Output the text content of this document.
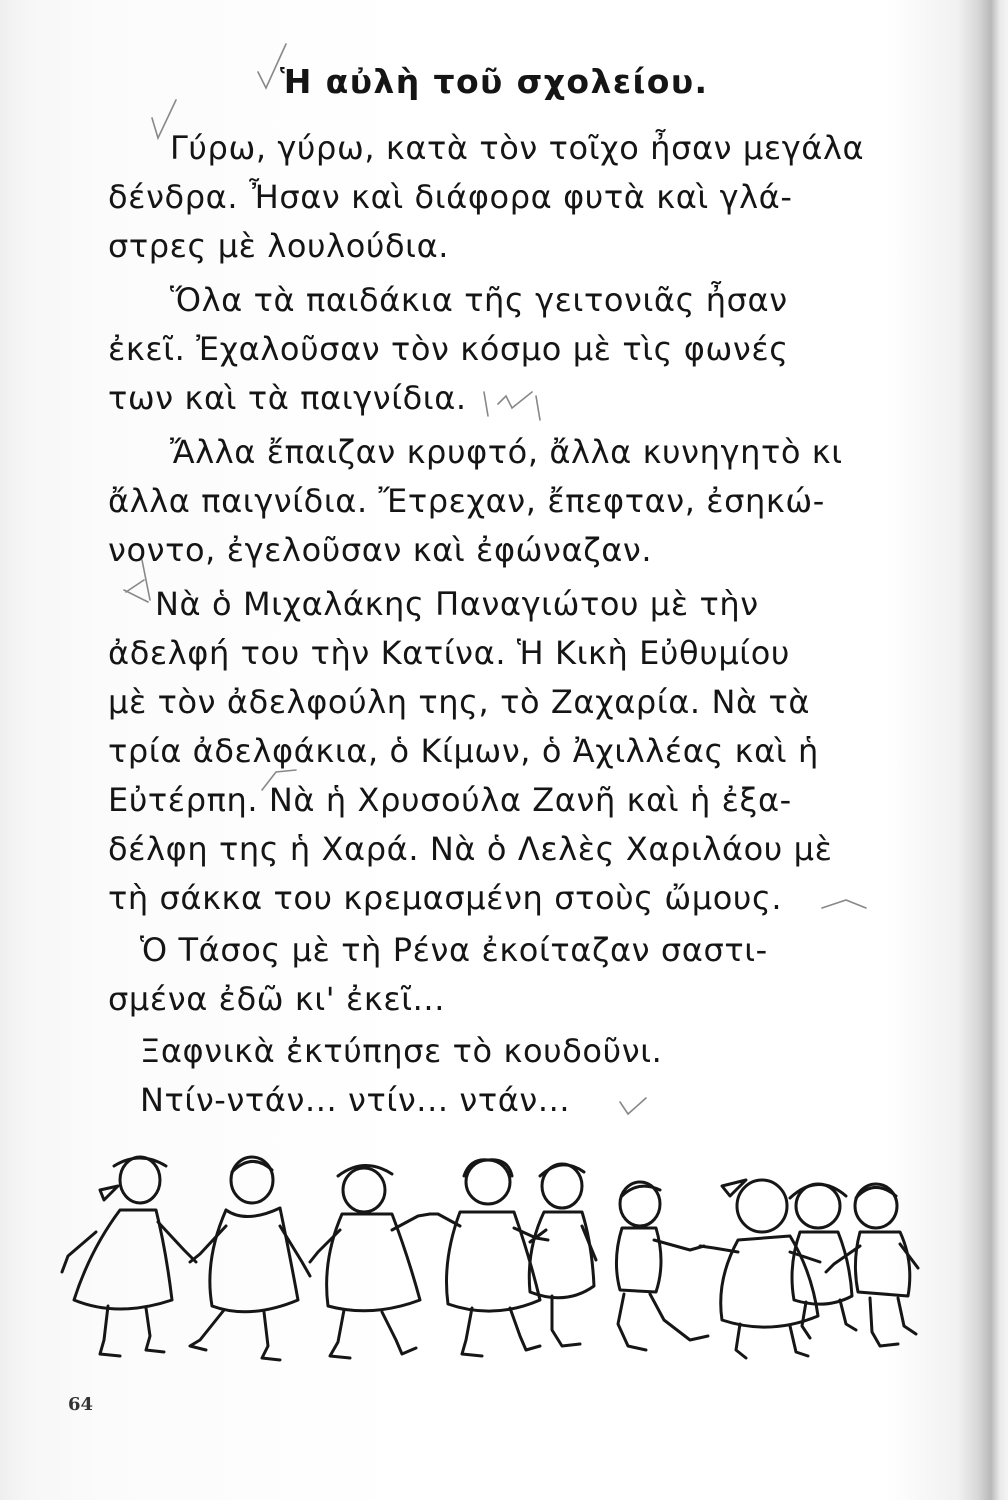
Ἡ αὐλὴ τοῦ σχολείου.
Γύρω, γύρω, κατὰ τὸν τοῖχο ἦσαν μεγάλα
δένδρα. Ἦσαν καὶ διάφορα φυτὰ καὶ γλά-
στρες μὲ λουλούδια.
Ὅλα τὰ παιδάκια τῆς γειτονιᾶς ἦσαν
ἐκεῖ. Ἐχαλοῦσαν τὸν κόσμο μὲ τὶς φωνές
των καὶ τὰ παιγνίδια.
Ἄλλα ἔπαιζαν κρυφτό, ἄλλα κυνηγητὸ κι
ἄλλα παιγνίδια. Ἔτρεχαν, ἔπεφταν, ἐσηκώ-
νοντο, ἐγελοῦσαν καὶ ἐφώναζαν.
Νὰ ὁ Μιχαλάκης Παναγιώτου μὲ τὴν
ἀδελφή του τὴν Κατίνα. Ἡ Κικὴ Εὐθυμίου
μὲ τὸν ἀδελφούλη της, τὸ Ζαχαρία. Νὰ τὰ
τρία ἀδελφάκια, ὁ Κίμων, ὁ Ἀχιλλέας καὶ ἡ
Εὐτέρπη. Νὰ ἡ Χρυσούλα Ζανῆ καὶ ἡ ἐξα-
δέλφη της ἡ Χαρά. Νὰ ὁ Λελὲς Χαριλάου μὲ
τὴ σάκκα του κρεμασμένη στοὺς ὤμους.
Ὁ Τάσος μὲ τὴ Ρένα ἐκοίταζαν σαστι-
σμένα ἐδῶ κι' ἐκεῖ...
Ξαφνικὰ ἐκτύπησε τὸ κουδοῦνι.
Ντίν-ντάν... ντίν... ντάν...
64
